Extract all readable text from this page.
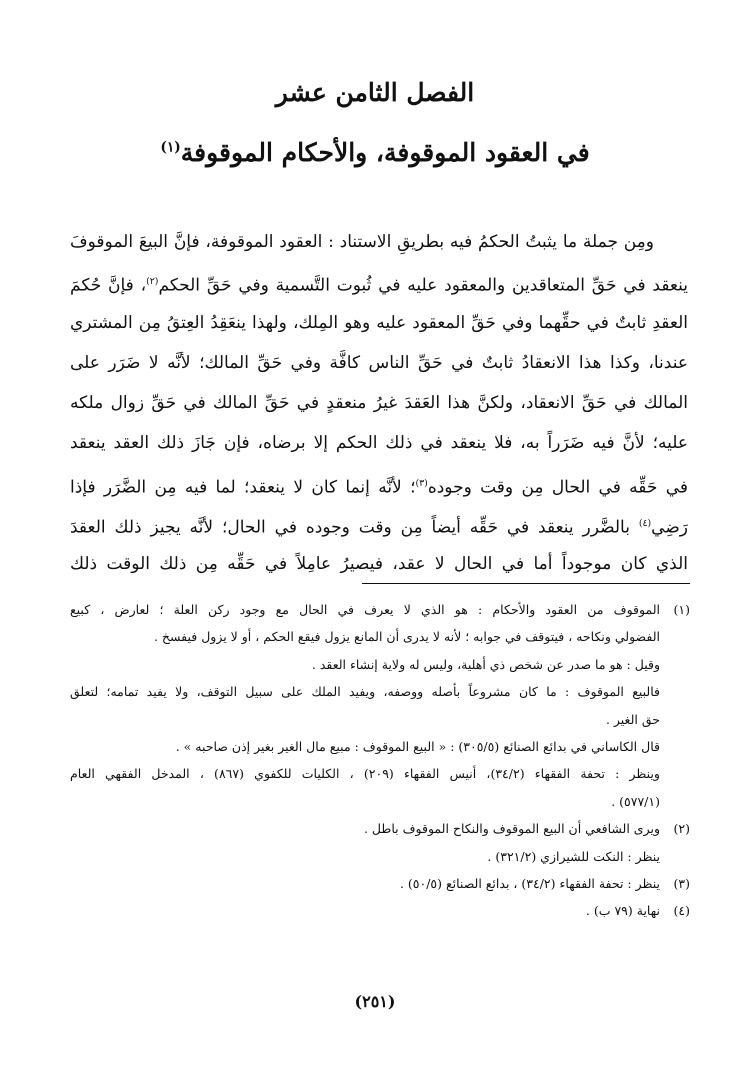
الفصل الثامن عشر
في العقود الموقوفة، والأحكام الموقوفة$^{(١)}$
ومِن جملة ما يثبتُ الحكمُ فيه بطريقِ الاستناد : العقود الموقوفة، فإنَّ البيعَ الموقوفَ
ينعقد في حَقِّ المتعاقدين والمعقود عليه في ثُبوت التَّسمية وفي حَقِّ الحكم$^{(٢)}$، فإنَّ حُكمَ
العقدِ ثابتٌ في حقِّهما وفي حَقِّ المعقود عليه وهو المِلك، ولهذا ينعَقِدُ العِتقُ مِن المشتري
عندنا، وكذا هذا الانعقادُ ثابتٌ في حَقِّ الناس كافَّة وفي حَقِّ المالك؛ لأنَّه لا ضَرَر على
المالك في حَقِّ الانعقاد، ولكنَّ هذا العَقدَ غيرُ منعقدٍ في حَقِّ المالك في حَقِّ زوال ملكه
عليه؛ لأنَّ فيه ضَرَراً به، فلا ينعقد في ذلك الحكم إلا برضاه، فإن جَازَ ذلك العقد ينعقد
في حَقِّه في الحال مِن وقت وجوده$^{(٣)}$؛ لأنَّه إنما كان لا ينعقد؛ لما فيه مِن الضَّرَر فإذا
رَضِي$^{(٤)}$ بالضَّرر ينعقد في حَقِّه أيضاً مِن وقت وجوده في الحال؛ لأنَّه يجيز ذلك العقدَ
الذي كان موجوداً أما في الحال لا عقد، فيصيرُ عامِلاً في حَقِّه مِن ذلك الوقت ذلك
(١)الموقوف من العقود والأحكام : هو الذي لا يعرف في الحال مع وجود ركن العلة ؛ لعارض ، كبيع
الفضولي ونكاحه ، فيتوقف في جوابه ؛ لأنه لا يدرى أن المانع يزول فيقع الحكم ، أو لا يزول فيفسخ .
وقيل : هو ما صدر عن شخص ذي أهلية، وليس له ولاية إنشاء العقد .
فالبيع الموقوف : ما كان مشروعاً بأصله ووصفه، ويفيد الملك على سبيل التوقف، ولا يفيد تمامه؛ لتعلق
حق الغير .
قال الكاساني في بدائع الصنائع (٣٠٥/٥) : « البيع الموقوف : مبيع مال الغير بغير إذن صاحبه » .
وينظر : تحفة الفقهاء (٣٤/٢)، أنيس الفقهاء (٢٠٩) ، الكليات للكفوي (٨٦٧) ، المدخل الفقهي العام
(٥٧٧/١) .
(٢)ويرى الشافعي أن البيع الموقوف والنكاح الموقوف باطل .
ينظر : النكت للشيرازي (٣٢١/٢) .
(٣)ينظر : تحفة الفقهاء (٣٤/٢) ، بدائع الصنائع (٥٠/٥) .
(٤)نهاية (٧٩ ب) .
(٢٥١)
